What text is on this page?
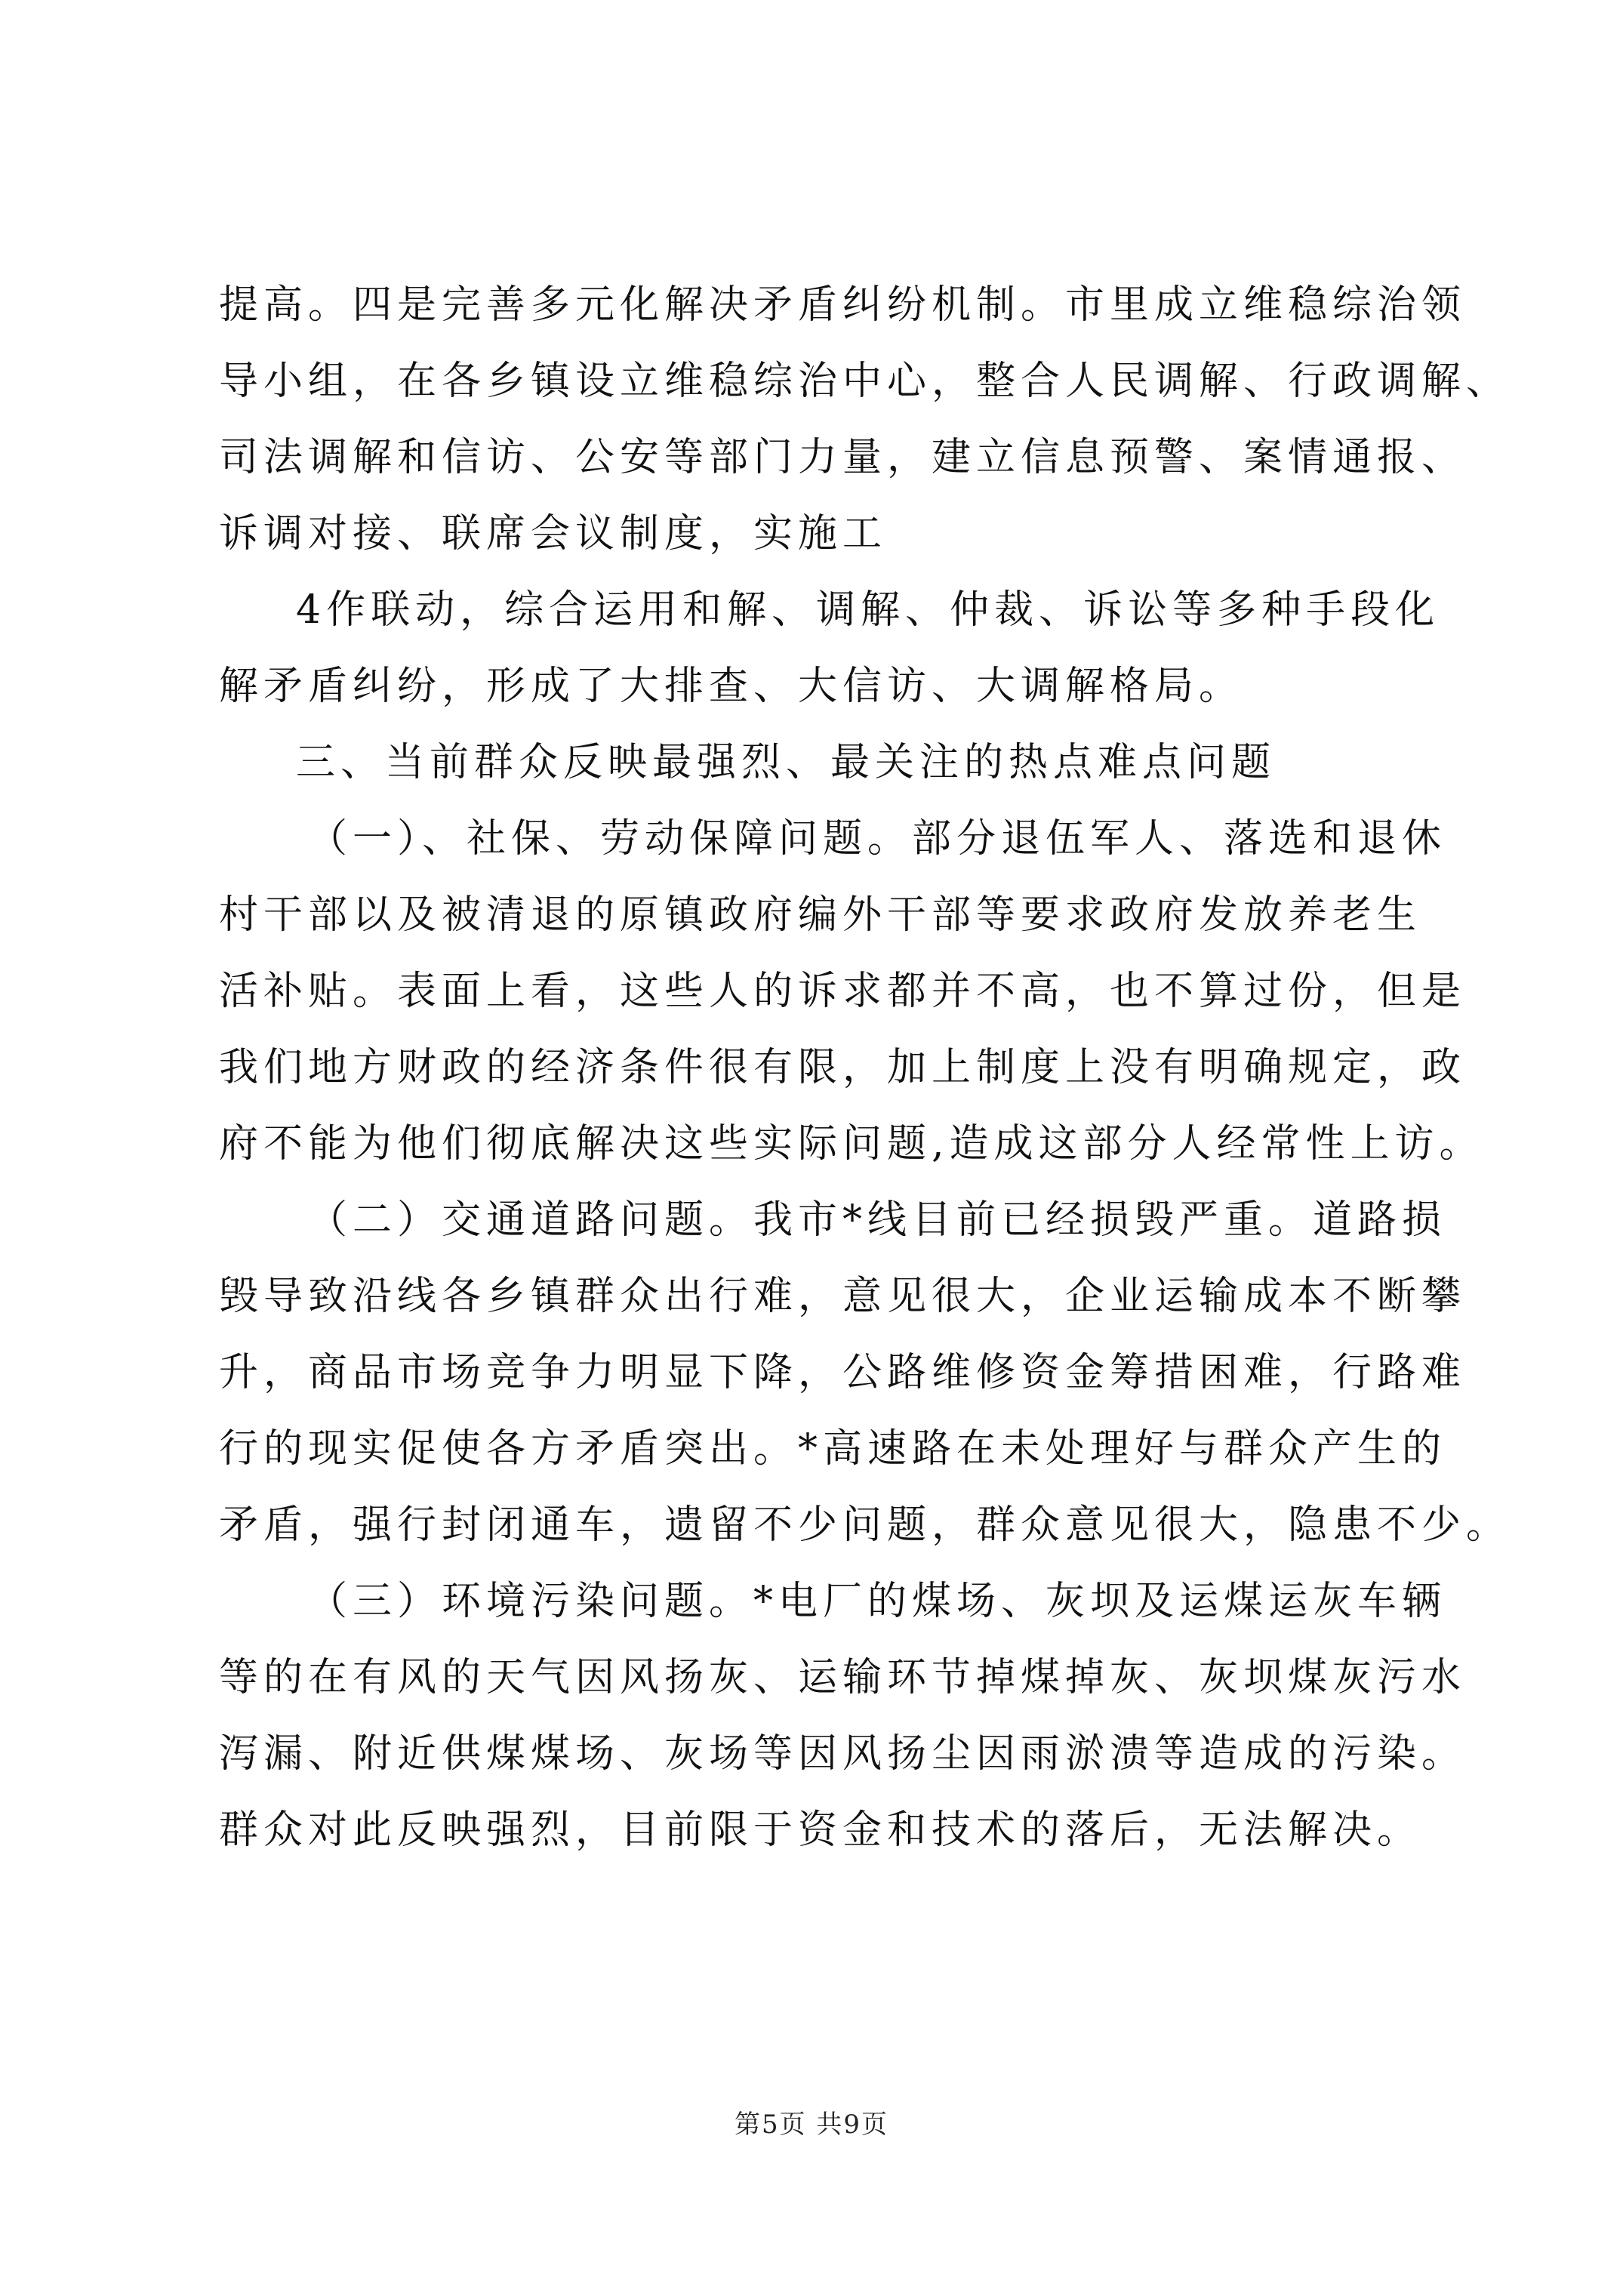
提高。四是完善多元化解决矛盾纠纷机制。市里成立维稳综治领
导小组，在各乡镇设立维稳综治中心，整合人民调解、行政调解、
司法调解和信访、公安等部门力量，建立信息预警、案情通报、
诉调对接、联席会议制度，实施工
4作联动，综合运用和解、调解、仲裁、诉讼等多种手段化
解矛盾纠纷，形成了大排查、大信访、大调解格局。
三、当前群众反映最强烈、最关注的热点难点问题
（一）、社保、劳动保障问题。部分退伍军人、落选和退休
村干部以及被清退的原镇政府编外干部等要求政府发放养老生
活补贴。表面上看，这些人的诉求都并不高，也不算过份，但是
我们地方财政的经济条件很有限，加上制度上没有明确规定，政
府不能为他们彻底解决这些实际问题,造成这部分人经常性上访。
（二）交通道路问题。我市*线目前已经损毁严重。道路损
毁导致沿线各乡镇群众出行难，意见很大，企业运输成本不断攀
升，商品市场竞争力明显下降，公路维修资金筹措困难，行路难
行的现实促使各方矛盾突出。*高速路在未处理好与群众产生的
矛盾，强行封闭通车，遗留不少问题，群众意见很大，隐患不少。
（三）环境污染问题。*电厂的煤场、灰坝及运煤运灰车辆
等的在有风的天气因风扬灰、运输环节掉煤掉灰、灰坝煤灰污水
泻漏、附近供煤煤场、灰场等因风扬尘因雨淤溃等造成的污染。
群众对此反映强烈，目前限于资金和技术的落后，无法解决。
第5页 共9页
